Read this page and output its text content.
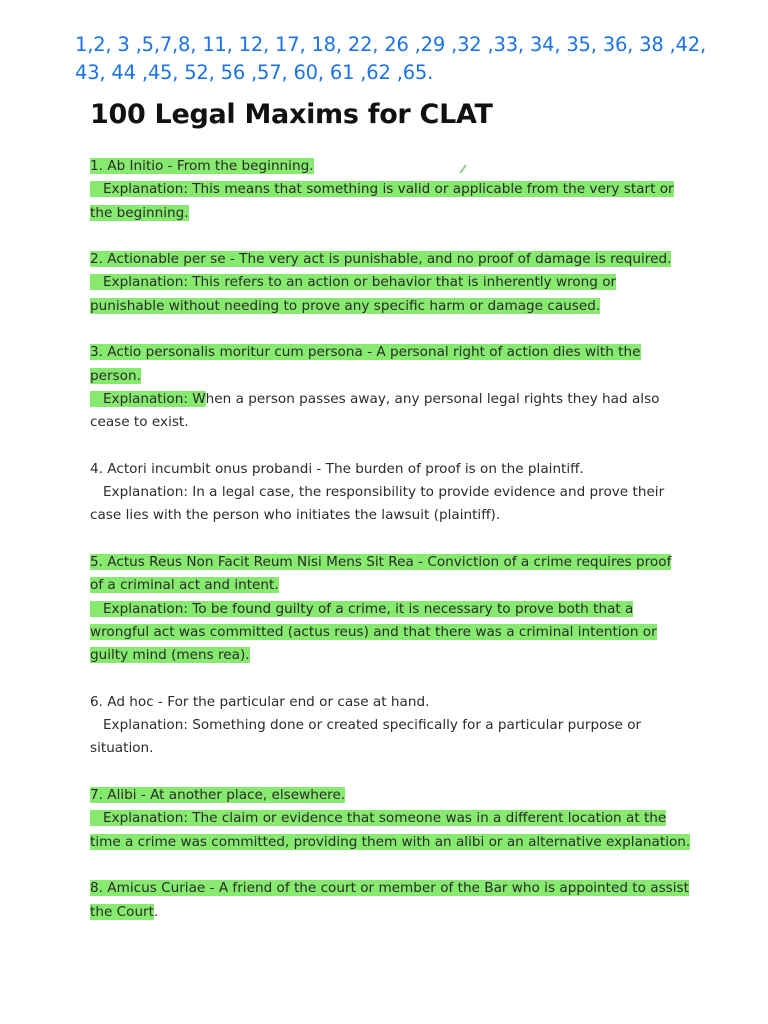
1,2, 3 ,5,7,8, 11, 12, 17, 18, 22, 26 ,29 ,32 ,33, 34, 35, 36, 38 ,42,
43, 44 ,45, 52, 56 ,57, 60, 61 ,62 ,65.
100 Legal Maxims for CLAT
1. Ab Initio - From the beginning.
Explanation: This means that something is valid or applicable from the very start or
the beginning.
2. Actionable per se - The very act is punishable, and no proof of damage is required.
Explanation: This refers to an action or behavior that is inherently wrong or
punishable without needing to prove any specific harm or damage caused.
3. Actio personalis moritur cum persona - A personal right of action dies with the
person.
Explanation: When a person passes away, any personal legal rights they had also
cease to exist.
4. Actori incumbit onus probandi - The burden of proof is on the plaintiff.
Explanation: In a legal case, the responsibility to provide evidence and prove their
case lies with the person who initiates the lawsuit (plaintiff).
5. Actus Reus Non Facit Reum Nisi Mens Sit Rea - Conviction of a crime requires proof
of a criminal act and intent.
Explanation: To be found guilty of a crime, it is necessary to prove both that a
wrongful act was committed (actus reus) and that there was a criminal intention or
guilty mind (mens rea).
6. Ad hoc - For the particular end or case at hand.
Explanation: Something done or created specifically for a particular purpose or
situation.
7. Alibi - At another place, elsewhere.
Explanation: The claim or evidence that someone was in a different location at the
time a crime was committed, providing them with an alibi or an alternative explanation.
8. Amicus Curiae - A friend of the court or member of the Bar who is appointed to assist
the Court.
